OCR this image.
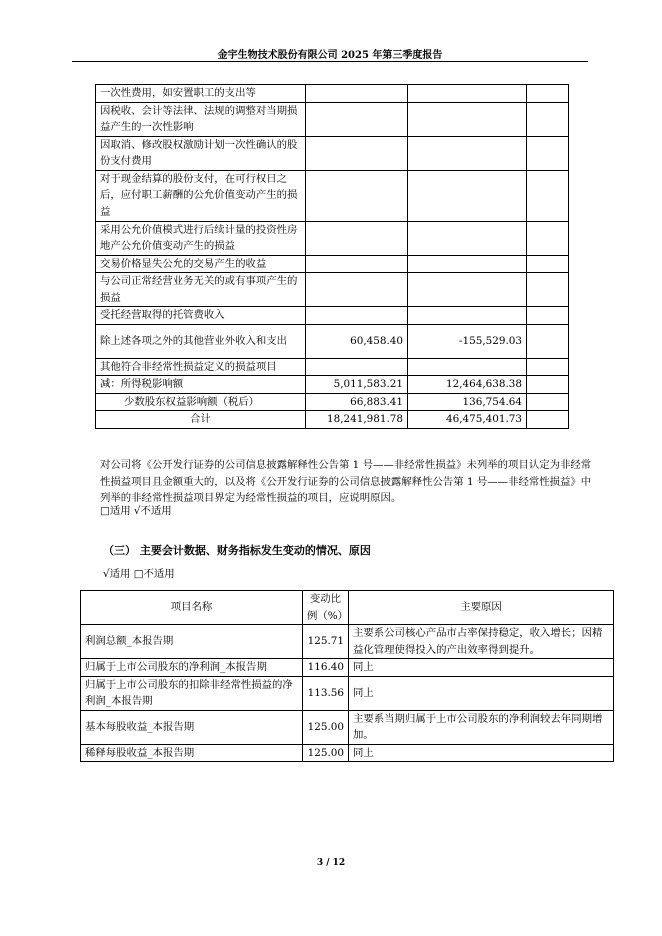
金宇生物技术股份有限公司 2025 年第三季度报告
一次性费用，如安置职工的支出等			
因税收、会计等法律、法规的调整对当期损益产生的一次性影响			
因取消、修改股权激励计划一次性确认的股份支付费用			
对于现金结算的股份支付，在可行权日之后，应付职工薪酬的公允价值变动产生的损益			
采用公允价值模式进行后续计量的投资性房地产公允价值变动产生的损益			
交易价格显失公允的交易产生的收益			
与公司正常经营业务无关的或有事项产生的损益			
受托经营取得的托管费收入			
除上述各项之外的其他营业外收入和支出	60,458.40	-155,529.03	
其他符合非经常性损益定义的损益项目			
减：所得税影响额	5,011,583.21	12,464,638.38	
少数股东权益影响额（税后）	66,883.41	136,754.64	
合计	18,241,981.78	46,475,401.73	
对公司将《公开发行证券的公司信息披露解释性公告第 1 号——非经常性损益》未列举的项目认定为非经常性损益项目且金额重大的，以及将《公开发行证券的公司信息披露解释性公告第 1 号——非经常性损益》中列举的非经常性损益项目界定为经常性损益的项目，应说明原因。
□适用 √不适用
（三） 主要会计数据、财务指标发生变动的情况、原因
√适用 □不适用
项目名称	变动比例（%）	主要原因
利润总额_本报告期	125.71	主要系公司核心产品市占率保持稳定，收入增长；因精益化管理使得投入的产出效率得到提升。
归属于上市公司股东的净利润_本报告期	116.40	同上
归属于上市公司股东的扣除非经常性损益的净利润_本报告期	113.56	同上
基本每股收益_本报告期	125.00	主要系当期归属于上市公司股东的净利润较去年同期增加。
稀释每股收益_本报告期	125.00	同上
3 / 12
